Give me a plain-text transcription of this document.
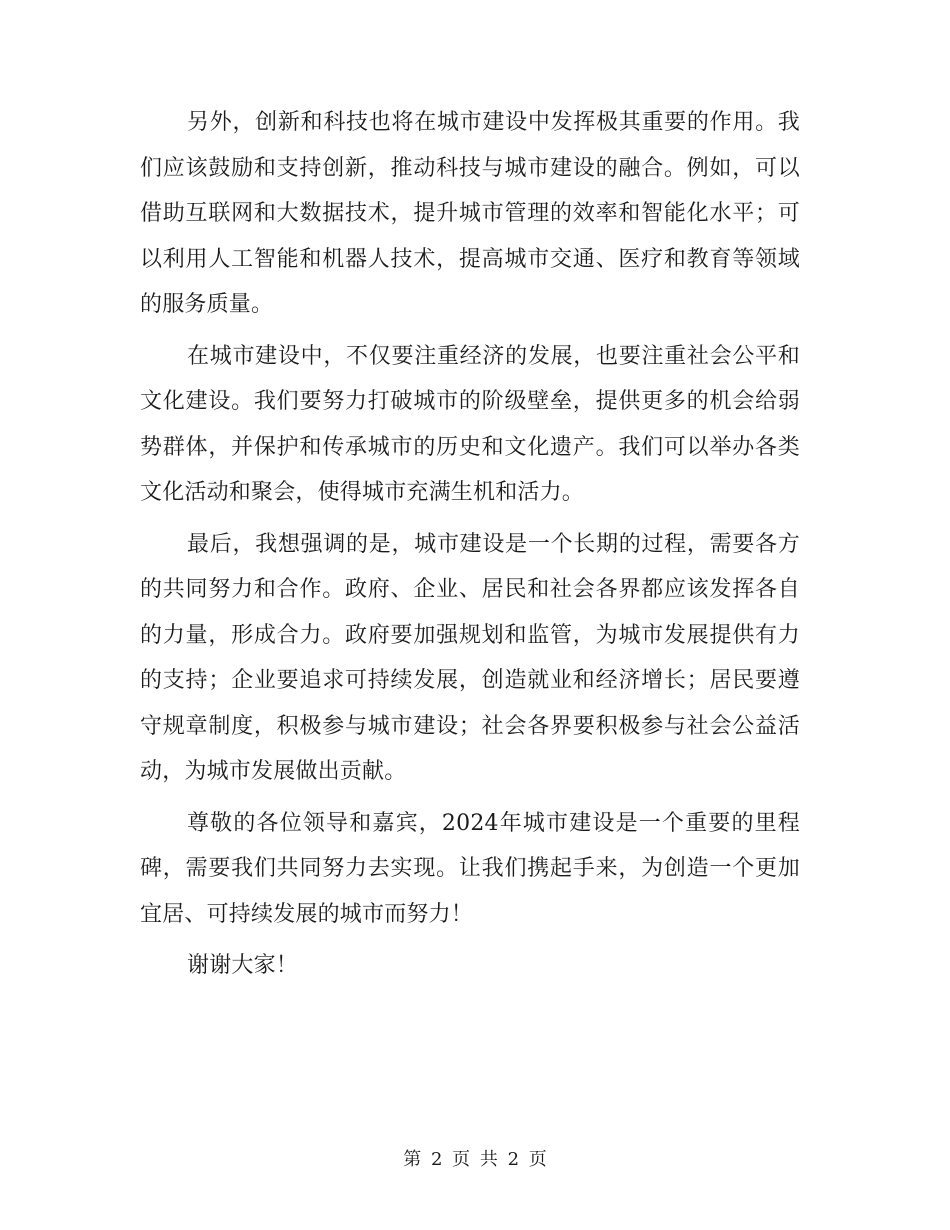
另外，创新和科技也将在城市建设中发挥极其重要的作用。我们应该鼓励和支持创新，推动科技与城市建设的融合。例如，可以借助互联网和大数据技术，提升城市管理的效率和智能化水平；可以利用人工智能和机器人技术，提高城市交通、医疗和教育等领域的服务质量。

在城市建设中，不仅要注重经济的发展，也要注重社会公平和文化建设。我们要努力打破城市的阶级壁垒，提供更多的机会给弱势群体，并保护和传承城市的历史和文化遗产。我们可以举办各类文化活动和聚会，使得城市充满生机和活力。

最后，我想强调的是，城市建设是一个长期的过程，需要各方的共同努力和合作。政府、企业、居民和社会各界都应该发挥各自的力量，形成合力。政府要加强规划和监管，为城市发展提供有力的支持；企业要追求可持续发展，创造就业和经济增长；居民要遵守规章制度，积极参与城市建设；社会各界要积极参与社会公益活动，为城市发展做出贡献。

尊敬的各位领导和嘉宾，2024年城市建设是一个重要的里程碑，需要我们共同努力去实现。让我们携起手来，为创造一个更加宜居、可持续发展的城市而努力！

谢谢大家！

第 2 页 共 2 页
